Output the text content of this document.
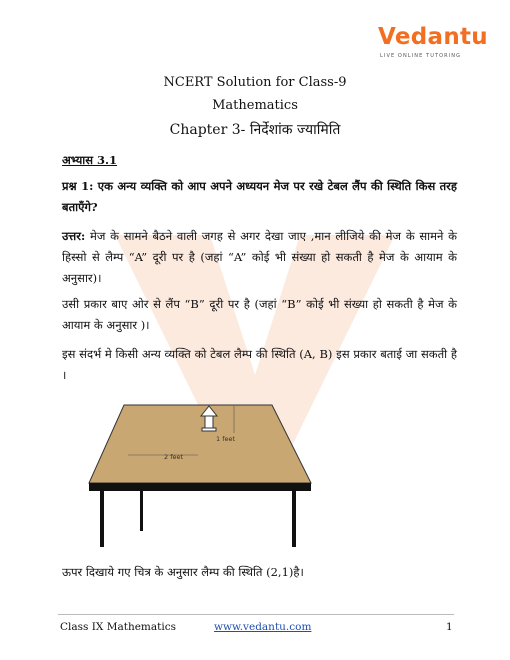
Vedantu
LIVE ONLINE TUTORING
NCERT Solution for Class-9
Mathematics
Chapter 3- निर्देशांक ज्यामिति
अभ्यास 3.1
प्रश्न 1: एक अन्य व्यक्ति को आप अपने अध्ययन मेज पर रखे टेबल लैंप की स्थिति किस तरह बताएँगे?
उत्तर: मेज के सामने बैठने वाली जगह से अगर देखा जाए ,मान लीजिये की मेज के सामने के हिस्सो से लैम्प “A” दूरी पर है (जहां “A” कोई भी संख्या हो सकती है मेज के आयाम के अनुसार)।
उसी प्रकार बाए ओर से लैंप “B” दूरी पर है (जहां “B” कोई भी संख्या हो सकती है मेज के आयाम के अनुसार )।
इस संदर्भ मे किसी अन्य व्यक्ति को टेबल लैम्प की स्थिति (A, B) इस प्रकार बताई जा सकती है ।
1 feet
2 feet
ऊपर दिखाये गए चित्र के अनुसार लैम्प की स्थिति (2,1)है।
Class IX Mathematics	www.vedantu.com	1
